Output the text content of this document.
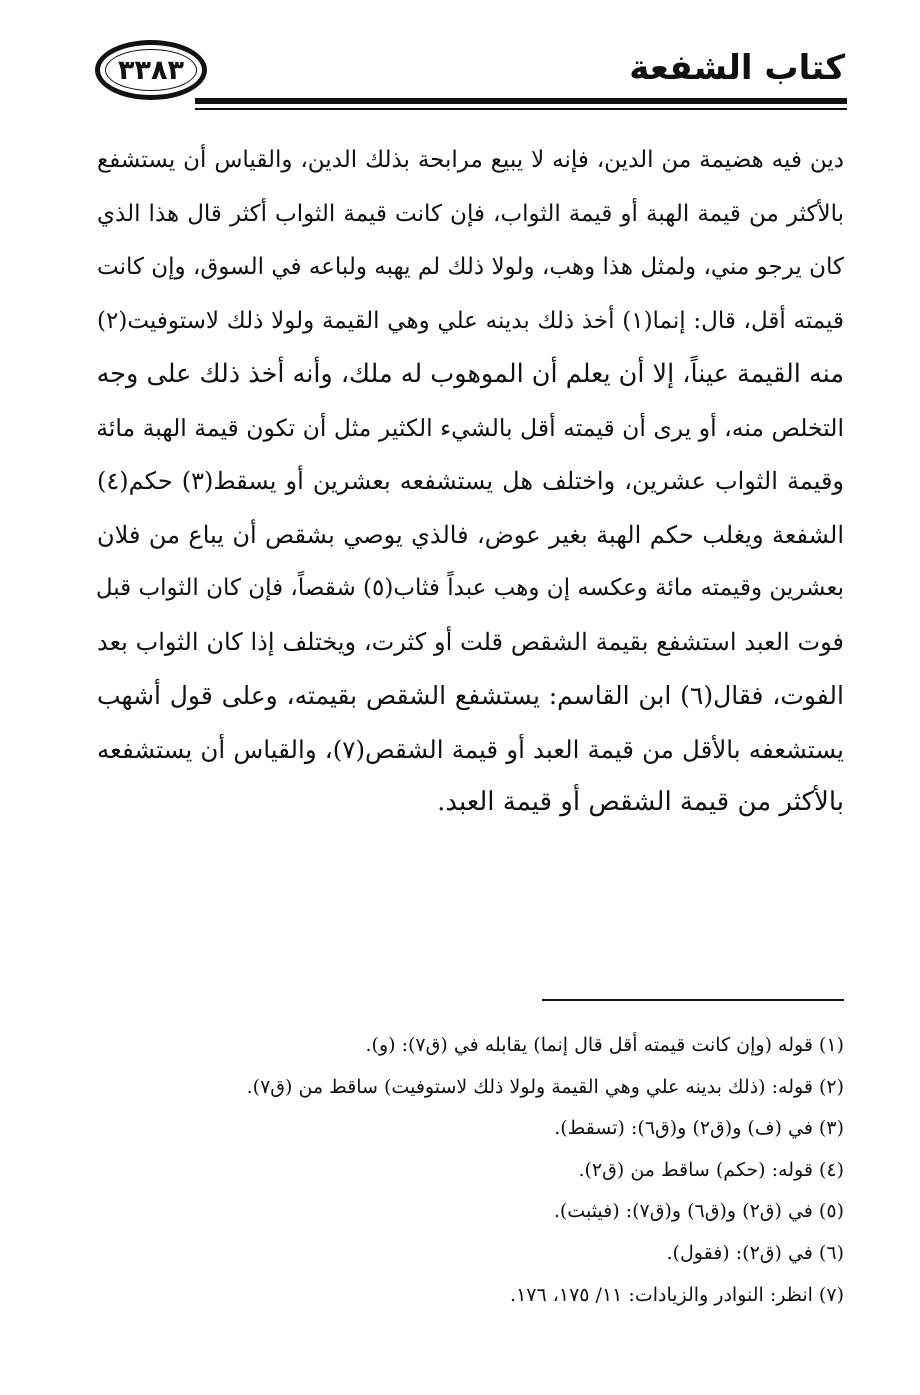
كتاب الشفعة
٣٣٨٣
دين فيه هضيمة من الدين، فإنه لا يبيع مرابحة بذلك الدين، والقياس أن يستشفع
بالأكثر من قيمة الهبة أو قيمة الثواب، فإن كانت قيمة الثواب أكثر قال هذا الذي
كان يرجو مني، ولمثل هذا وهب، ولولا ذلك لم يهبه ولباعه في السوق، وإن كانت
قيمته أقل، قال: إنما(١) أخذ ذلك بدينه علي وهي القيمة ولولا ذلك لاستوفيت(٢)
منه القيمة عيناً، إلا أن يعلم أن الموهوب له ملك، وأنه أخذ ذلك على وجه
التخلص منه، أو يرى أن قيمته أقل بالشيء الكثير مثل أن تكون قيمة الهبة مائة
وقيمة الثواب عشرين، واختلف هل يستشفعه بعشرين أو يسقط(٣) حكم(٤)
الشفعة ويغلب حكم الهبة بغير عوض، فالذي يوصي بشقص أن يباع من فلان
بعشرين وقيمته مائة وعكسه إن وهب عبداً فثاب(٥) شقصاً، فإن كان الثواب قبل
فوت العبد استشفع بقيمة الشقص قلت أو كثرت، ويختلف إذا كان الثواب بعد
الفوت، فقال(٦) ابن القاسم: يستشفع الشقص بقيمته، وعلى قول أشهب
يستشعفه بالأقل من قيمة العبد أو قيمة الشقص(٧)، والقياس أن يستشفعه
بالأكثر من قيمة الشقص أو قيمة العبد.
(١) قوله (وإن كانت قيمته أقل قال إنما) يقابله في (ق٧): (و).
(٢) قوله: (ذلك بدينه علي وهي القيمة ولولا ذلك لاستوفيت) ساقط من (ق٧).
(٣) في (ف) و(ق٢) و(ق٦): (تسقط).
(٤) قوله: (حكم) ساقط من (ق٢).
(٥) في (ق٢) و(ق٦) و(ق٧): (فيثبت).
(٦) في (ق٢): (فقول).
(٧) انظر: النوادر والزيادات: ١١/ ١٧٥، ١٧٦.
